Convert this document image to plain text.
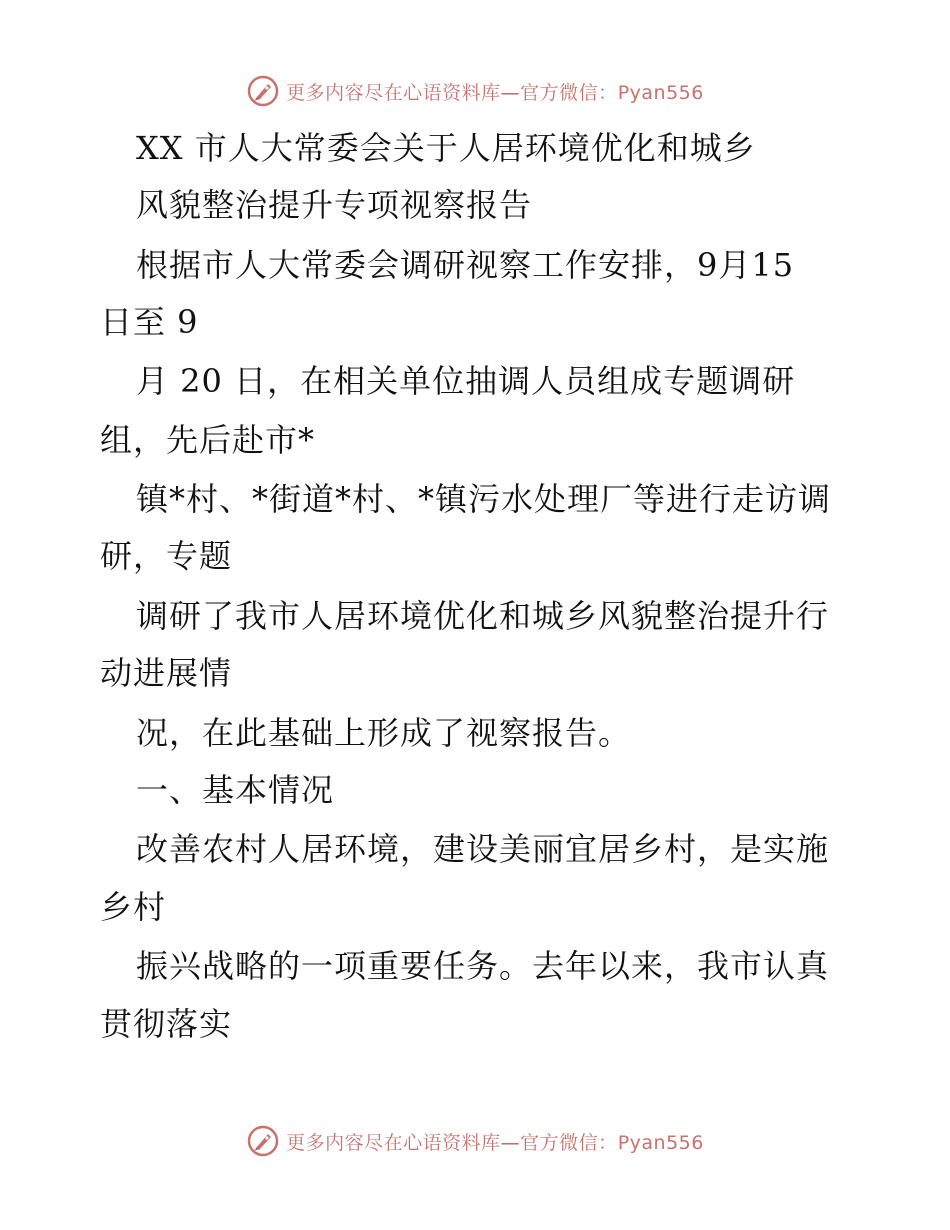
更多内容尽在心语资料库—官方微信：Pyan556
XX 市人大常委会关于人居环境优化和城乡
风貌整治提升专项视察报告
根据市人大常委会调研视察工作安排，9月15
日至 9
月 20 日，在相关单位抽调人员组成专题调研
组，先后赴市*
镇*村、*街道*村、*镇污水处理厂等进行走访调
研，专题
调研了我市人居环境优化和城乡风貌整治提升行
动进展情
况，在此基础上形成了视察报告。
一、基本情况
改善农村人居环境，建设美丽宜居乡村，是实施
乡村
振兴战略的一项重要任务。去年以来，我市认真
贯彻落实
更多内容尽在心语资料库—官方微信：Pyan556
